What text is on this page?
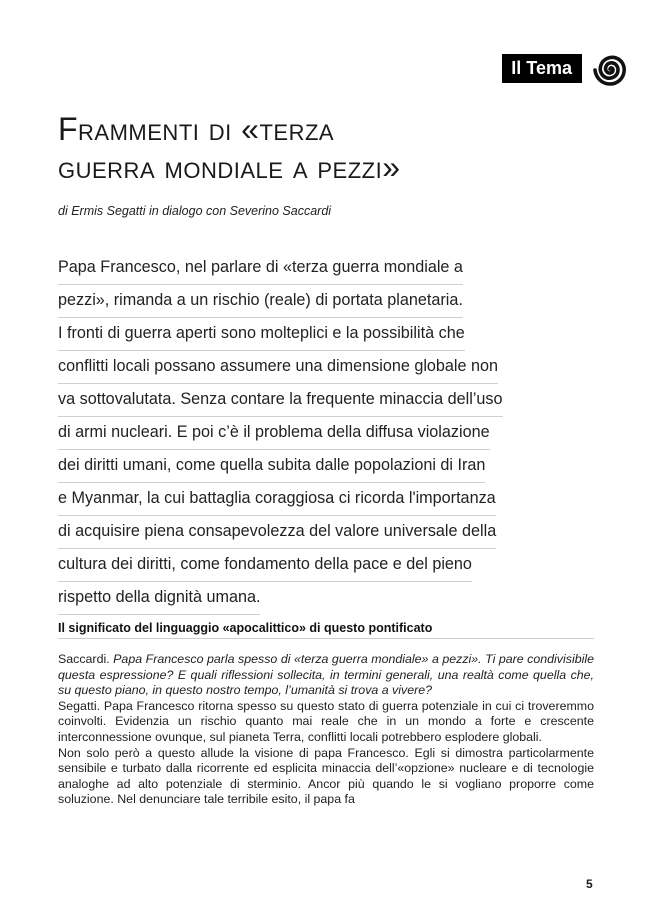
Il Tema
Frammenti di «terza
guerra mondiale a pezzi»
di Ermis Segatti in dialogo con Severino Saccardi
Papa Francesco, nel parlare di «terza guerra mondiale a
pezzi», rimanda a un rischio (reale) di portata planetaria.
I fronti di guerra aperti sono molteplici e la possibilità che
conflitti locali possano assumere una dimensione globale non
va sottovalutata. Senza contare la frequente minaccia dell’uso
di armi nucleari. E poi c’è il problema della diffusa violazione
dei diritti umani, come quella subita dalle popolazioni di Iran
e Myanmar, la cui battaglia coraggiosa ci ricorda l'importanza
di acquisire piena consapevolezza del valore universale della
cultura dei diritti, come fondamento della pace e del pieno
rispetto della dignità umana.
Il significato del linguaggio «apocalittico» di questo pontificato

Saccardi. Papa Francesco parla spesso di «terza guerra mondiale» a pezzi». Ti pare condivisibile questa espressione? E quali riflessioni sollecita, in termini generali, una realtà come quella che, su questo piano, in questo nostro tempo, l’umanità si trova a vivere?

Segatti. Papa Francesco ritorna spesso su questo stato di guerra potenziale in cui ci troveremmo coinvolti. Evidenzia un rischio quanto mai reale che in un mondo a forte e crescente interconnessione ovunque, sul pianeta Terra, conflitti locali potrebbero esplodere globali.

Non solo però a questo allude la visione di papa Francesco. Egli si dimostra particolarmente sensibile e turbato dalla ricorrente ed esplicita minaccia dell’«opzione» nucleare e di tecnologie analoghe ad alto potenziale di sterminio. Ancor più quando le si vogliano proporre come soluzione. Nel denunciare tale terribile esito, il papa fa

5
